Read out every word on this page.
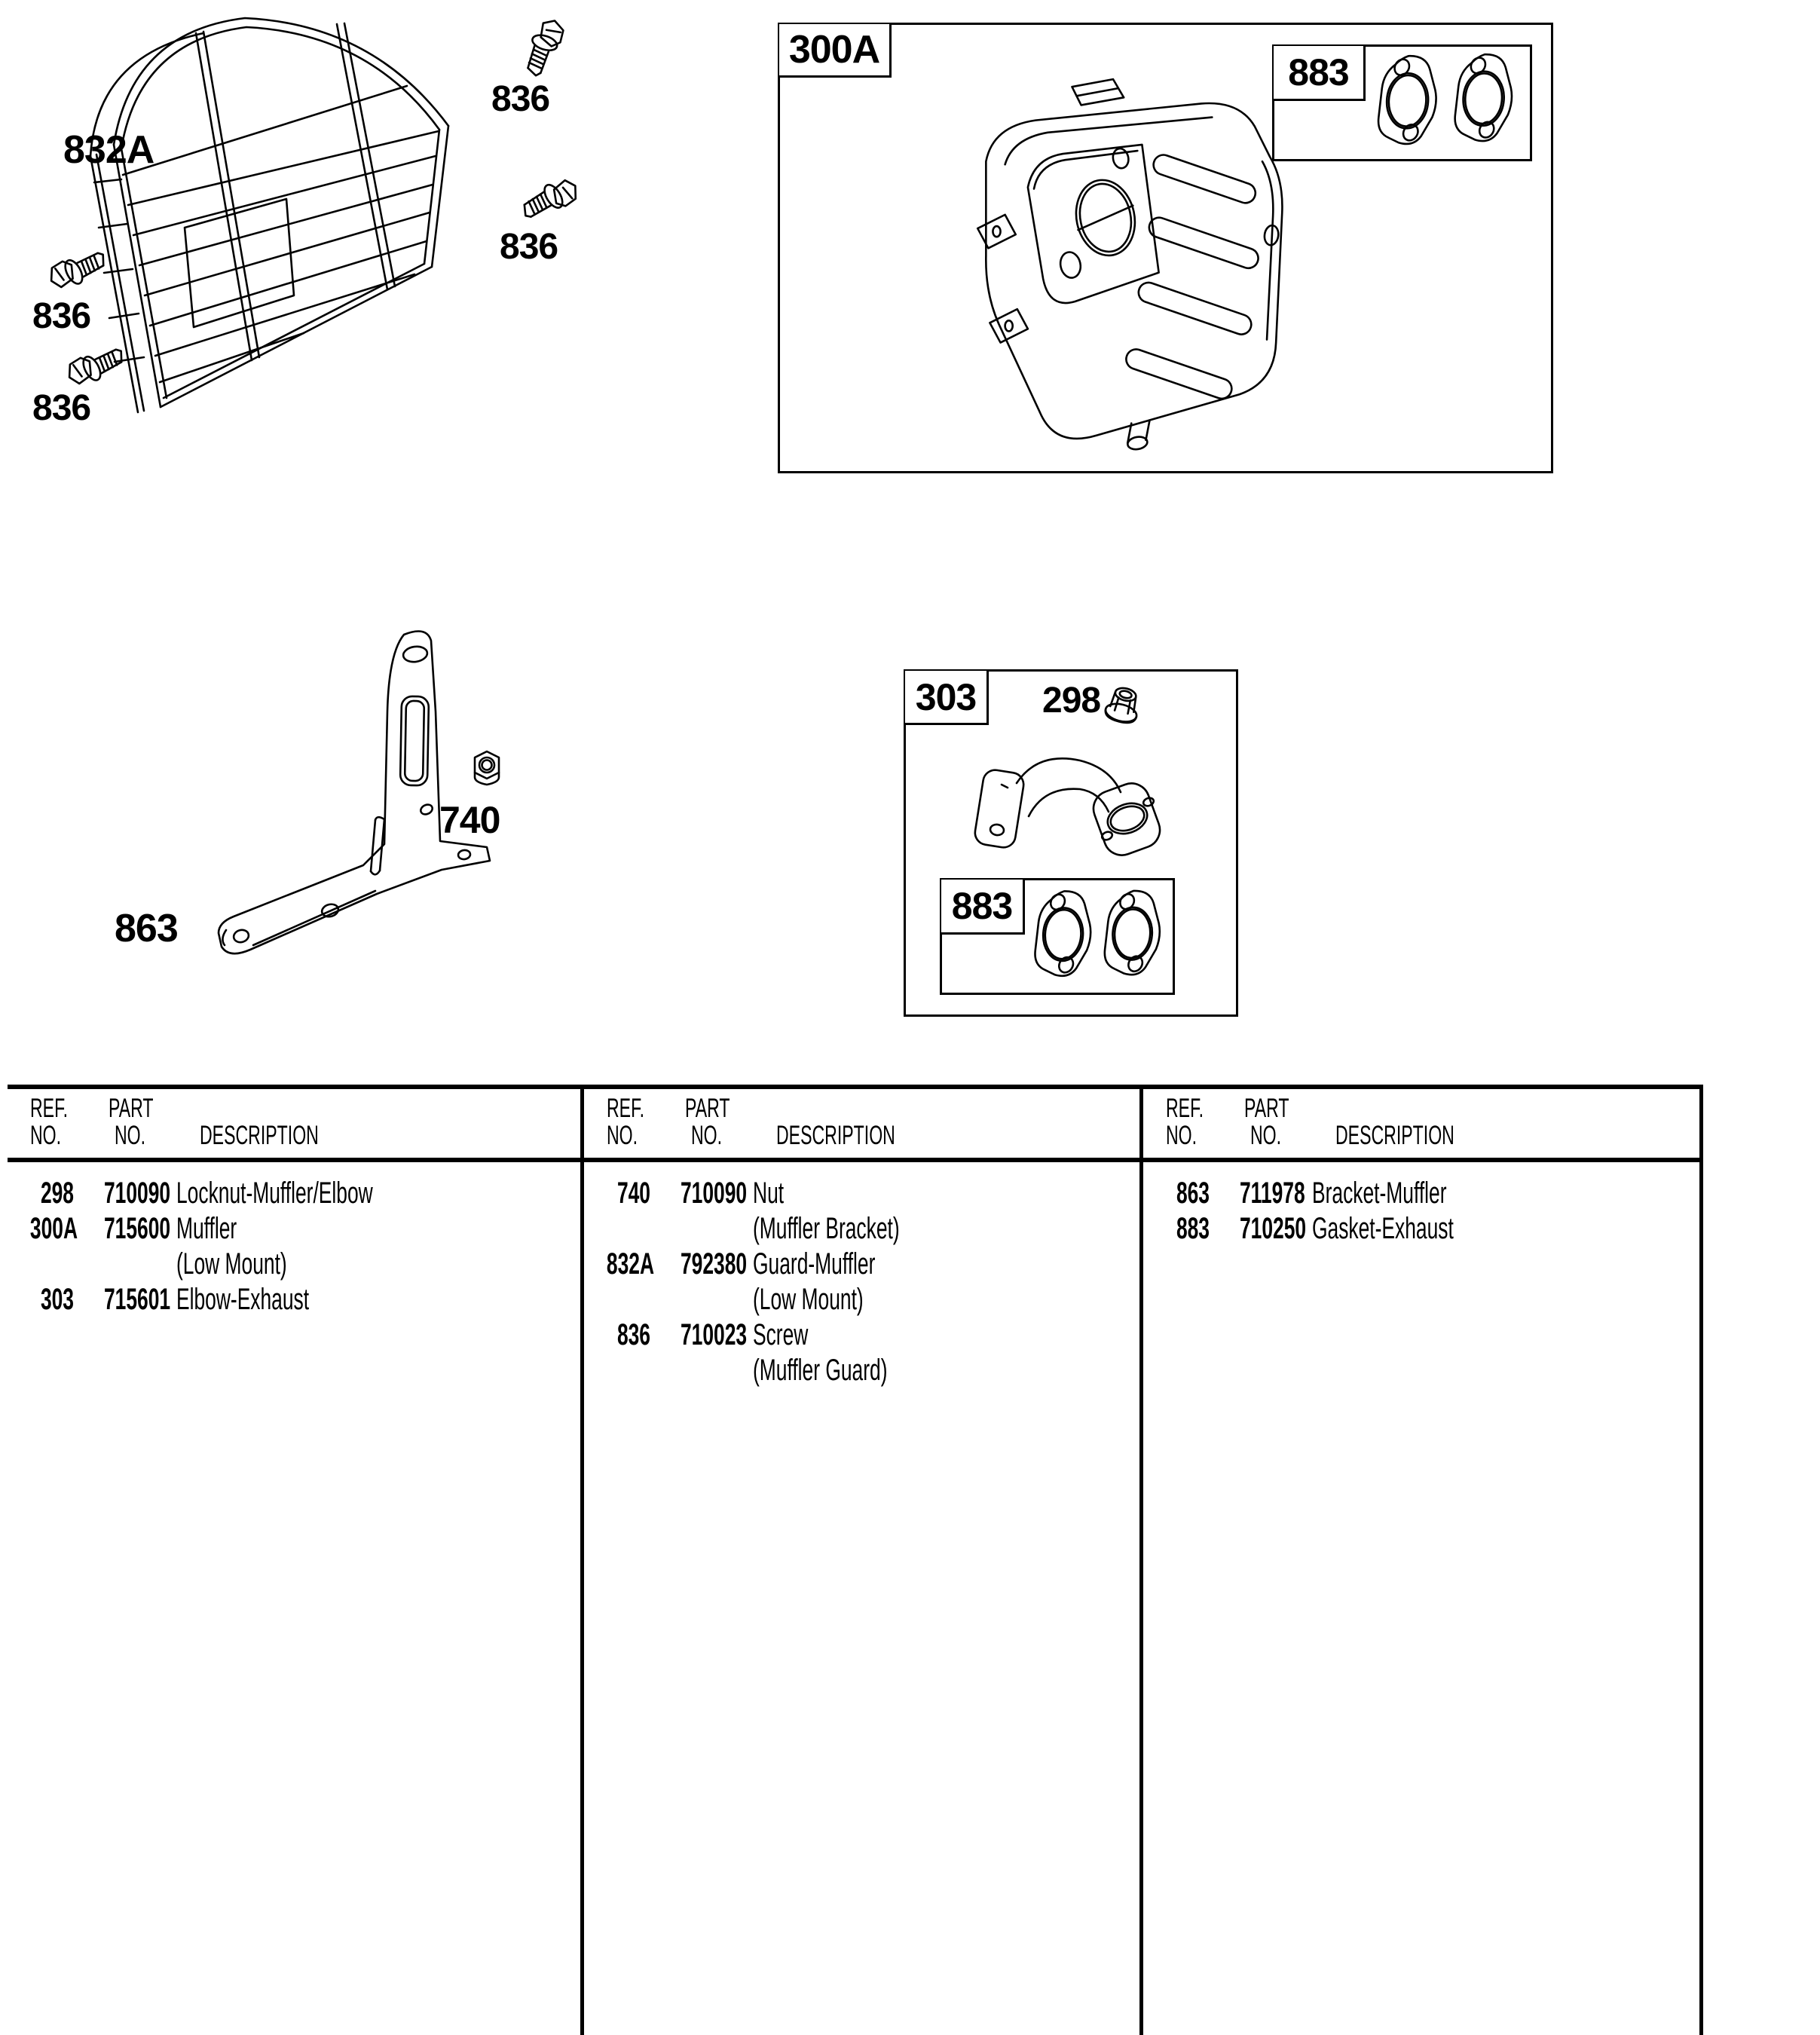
832A
836
836
836
836
300A
883
863
740
303 298
883
REF. PART
NO. NO. DESCRIPTION
298 710090 Locknut-Muffler/Elbow
300A 715600 Muffler
(Low Mount)
303 715601 Elbow-Exhaust
REF. PART
NO. NO. DESCRIPTION
740 710090 Nut
(Muffler Bracket)
832A 792380 Guard-Muffler
(Low Mount)
836 710023 Screw
(Muffler Guard)
REF. PART
NO. NO. DESCRIPTION
863 711978 Bracket-Muffler
883 710250 Gasket-Exhaust
